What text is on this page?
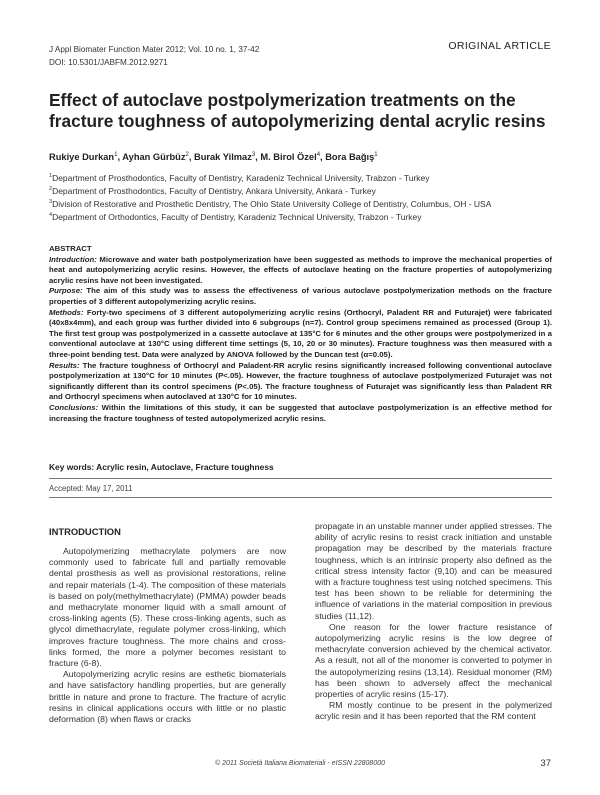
J Appl Biomater Function Mater 2012; Vol. 10 no. 1, 37-42
DOI: 10.5301/JABFM.2012.9271
ORIGINAL ARTICLE
Effect of autoclave postpolymerization treatments on the
fracture toughness of autopolymerizing dental acrylic resins
Rukiye Durkan$^1$, Ayhan Gürbüz$^2$, Burak Yilmaz$^3$, M. Birol Özel$^4$, Bora Bağış$^1$
$^1$Department of Prosthodontics, Faculty of Dentistry, Karadeniz Technical University, Trabzon - Turkey
$^2$Department of Prosthodontics, Faculty of Dentistry, Ankara University, Ankara - Turkey
$^3$Division of Restorative and Prosthetic Dentistry, The Ohio State University College of Dentistry, Columbus, OH - USA
$^4$Department of Orthodontics, Faculty of Dentistry, Karadeniz Technical University, Trabzon - Turkey
ABSTRACT
Introduction: Microwave and water bath postpolymerization have been suggested as methods to improve the mechanical properties of heat and autopolymerizing acrylic resins. However, the effects of autoclave heating on the fracture properties of autopolymerizing acrylic resins have not been investigated.
Purpose: The aim of this study was to assess the effectiveness of various autoclave postpolymerization methods on the fracture properties of 3 different autopolymerizing acrylic resins.
Methods: Forty-two specimens of 3 different autopolymerizing acrylic resins (Orthocryl, Paladent RR and Futurajet) were fabricated (40x8x4mm), and each group was further divided into 6 subgroups (n=7). Control group specimens remained as processed (Group 1). The first test group was postpolymerized in a cassette autoclave at 135°C for 6 minutes and the other groups were postpolymerized in a conventional autoclave at 130°C using different time settings (5, 10, 20 or 30 minutes). Fracture toughness was then measured with a three-point bending test. Data were analyzed by ANOVA followed by the Duncan test (α=0.05).
Results: The fracture toughness of Orthocryl and Paladent-RR acrylic resins significantly increased following conventional autoclave postpolymerization at 130°C for 10 minutes (P<.05). However, the fracture toughness of autoclave postpolymerized Futurajet was not significantly different than its control specimens (P<.05). The fracture toughness of Futurajet was significantly less than Paladent RR and Orthocryl specimens when autoclaved at 130°C for 10 minutes.
Conclusions: Within the limitations of this study, it can be suggested that autoclave postpolymerization is an effective method for increasing the fracture toughness of tested autopolymerized acrylic resins.
Key words: Acrylic resin, Autoclave, Fracture toughness
Accepted: May 17, 2011
INTRODUCTION

Autopolymerizing methacrylate polymers are now commonly used to fabricate full and partially removable dental prosthesis as well as provisional restorations, reline and repair materials (1-4). The composition of these materials is based on poly(methylmethacrylate) (PMMA) powder beads and methacrylate monomer liquid with a small amount of cross-linking agents (5). These cross-linking agents, such as glycol dimethacrylate, regulate polymer cross-linking, which improves fracture toughness. The more chains and cross-links formed, the more a polymer becomes resistant to fracture (6-8).

Autopolymerizing acrylic resins are esthetic biomaterials and have satisfactory handling properties, but are generally brittle in nature and prone to fracture. The fracture of acrylic resins in clinical applications occurs with little or no plastic deformation (8) when flaws or cracks

propagate in an unstable manner under applied stresses. The ability of acrylic resins to resist crack initiation and unstable propagation may be described by the materials fracture toughness, which is an intrinsic property also defined as the critical stress intensity factor (9,10) and can be measured with a fracture toughness test using notched specimens. This test has been shown to be reliable for determining the influence of variations in the material composition in previous studies (11,12).

One reason for the lower fracture resistance of autopolymerizing acrylic resins is the low degree of methacrylate conversion achieved by the chemical activator. As a result, not all of the monomer is converted to polymer in the autopolymerizing resins (13,14). Residual monomer (RM) has been shown to adversely affect the mechanical properties of acrylic resins (15-17).

RM mostly continue to be present in the polymerized acrylic resin and it has been reported that the RM content

© 2011 Società Italiana Biomateriali - eISSN 22808000	37
